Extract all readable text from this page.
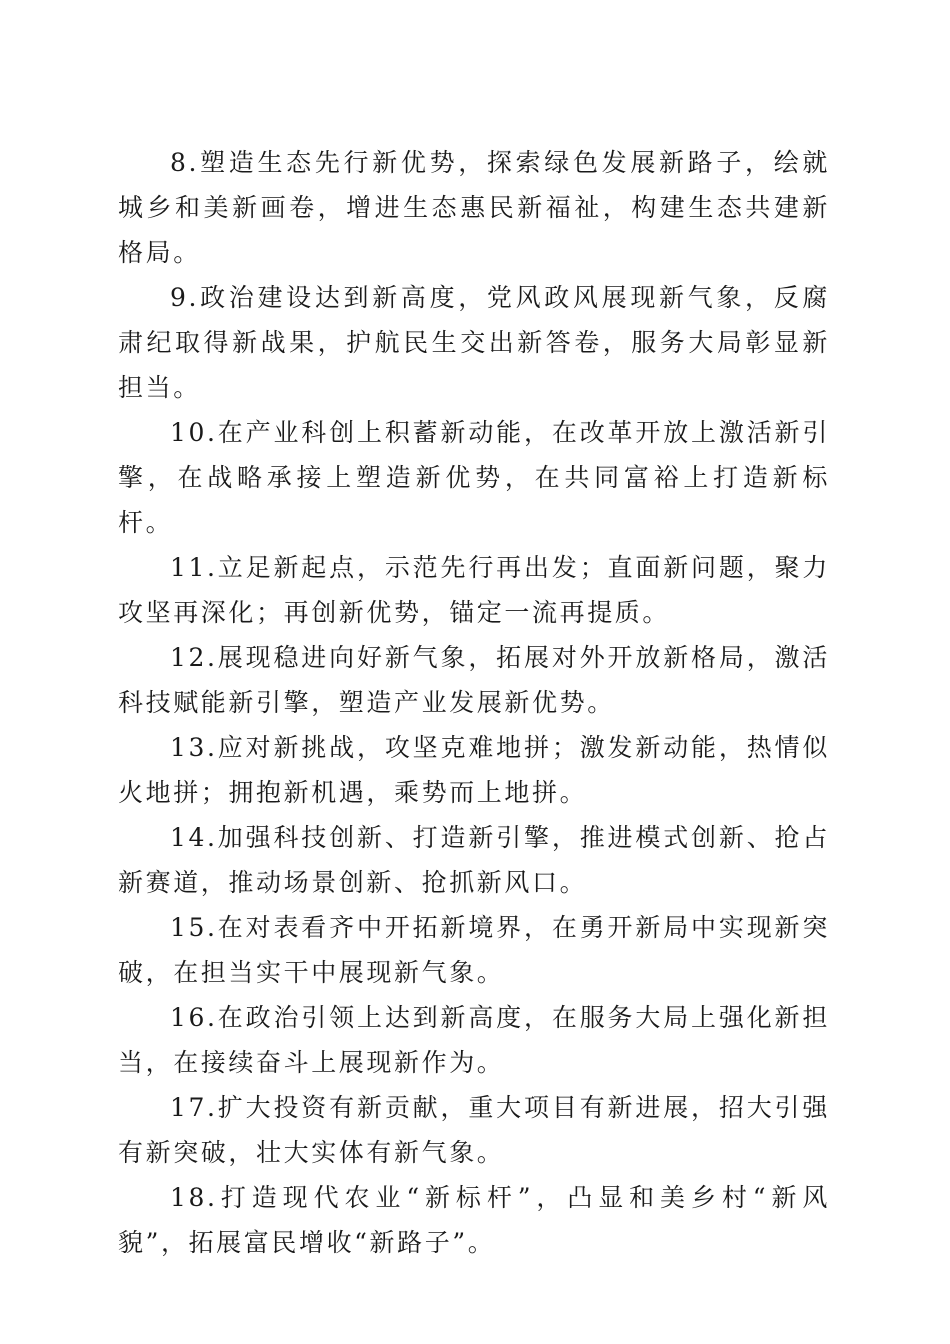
8.塑造生态先行新优势，探索绿色发展新路子，绘就城乡和美新画卷，增进生态惠民新福祉，构建生态共建新格局。

9.政治建设达到新高度，党风政风展现新气象，反腐肃纪取得新战果，护航民生交出新答卷，服务大局彰显新担当。

10.在产业科创上积蓄新动能，在改革开放上激活新引擎，在战略承接上塑造新优势，在共同富裕上打造新标杆。

11.立足新起点，示范先行再出发；直面新问题，聚力攻坚再深化；再创新优势，锚定一流再提质。

12.展现稳进向好新气象，拓展对外开放新格局，激活科技赋能新引擎，塑造产业发展新优势。

13.应对新挑战，攻坚克难地拼；激发新动能，热情似火地拼；拥抱新机遇，乘势而上地拼。

14.加强科技创新、打造新引擎，推进模式创新、抢占新赛道，推动场景创新、抢抓新风口。

15.在对表看齐中开拓新境界，在勇开新局中实现新突破，在担当实干中展现新气象。

16.在政治引领上达到新高度，在服务大局上强化新担当，在接续奋斗上展现新作为。

17.扩大投资有新贡献，重大项目有新进展，招大引强有新突破，壮大实体有新气象。

18.打造现代农业“新标杆”，凸显和美乡村“新风貌”，拓展富民增收“新路子”。
